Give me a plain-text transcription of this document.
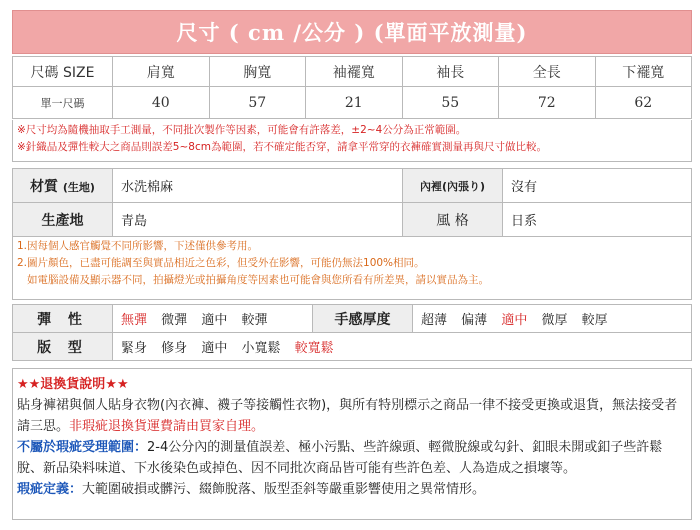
尺寸 ( cm /公分 ) (單面平放測量)
尺碼 SIZE	肩寬	胸寬	袖襬寬	袖長	全長	下襬寬
單一尺碼	40	57	21	55	72	62
※尺寸均為隨機抽取手工測量，不同批次製作等因素，可能會有許落差，±2~4公分為正常範圍。
※針織品及彈性較大之商品則誤差5~8cm為範圍，若不確定能否穿，請拿平常穿的衣褲確實測量再與尺寸做比較。
材質 (生地)	水洗棉麻	內裡(內張り)	沒有
生產地	青島	風 格	日系
1.因每個人感官觸覺不同所影響，下述僅供參考用。
2.圖片顏色，已盡可能調至與實品相近之色彩，但受外在影響，可能仍無法100%相同。
如電腦設備及顯示器不同，拍攝燈光或拍攝角度等因素也可能會與您所看有所差異，請以實品為主。
彈 性	無彈 微彈 適中 較彈	手感厚度	超薄 偏薄 適中 微厚 較厚
版 型	緊身 修身 適中 小寬鬆 較寬鬆		
★★退換貨說明★★
貼身褲裙與個人貼身衣物(內衣褲、襪子等接觸性衣物)，與所有特別標示之商品一律不接受更換或退貨，無法接受者請三思。非瑕疵退換貨運費請由買家自理。
不屬於瑕疵受理範圍：2-4公分內的測量值誤差、極小污點、些許線頭、輕微脫線或勾針、釦眼未開或釦子些許鬆脫、新品染料味道、下水後染色或掉色、因不同批次商品皆可能有些許色差、人為造成之損壞等。
瑕疵定義：大範圍破損或髒污、綴飾脫落、版型歪斜等嚴重影響使用之異常情形。
